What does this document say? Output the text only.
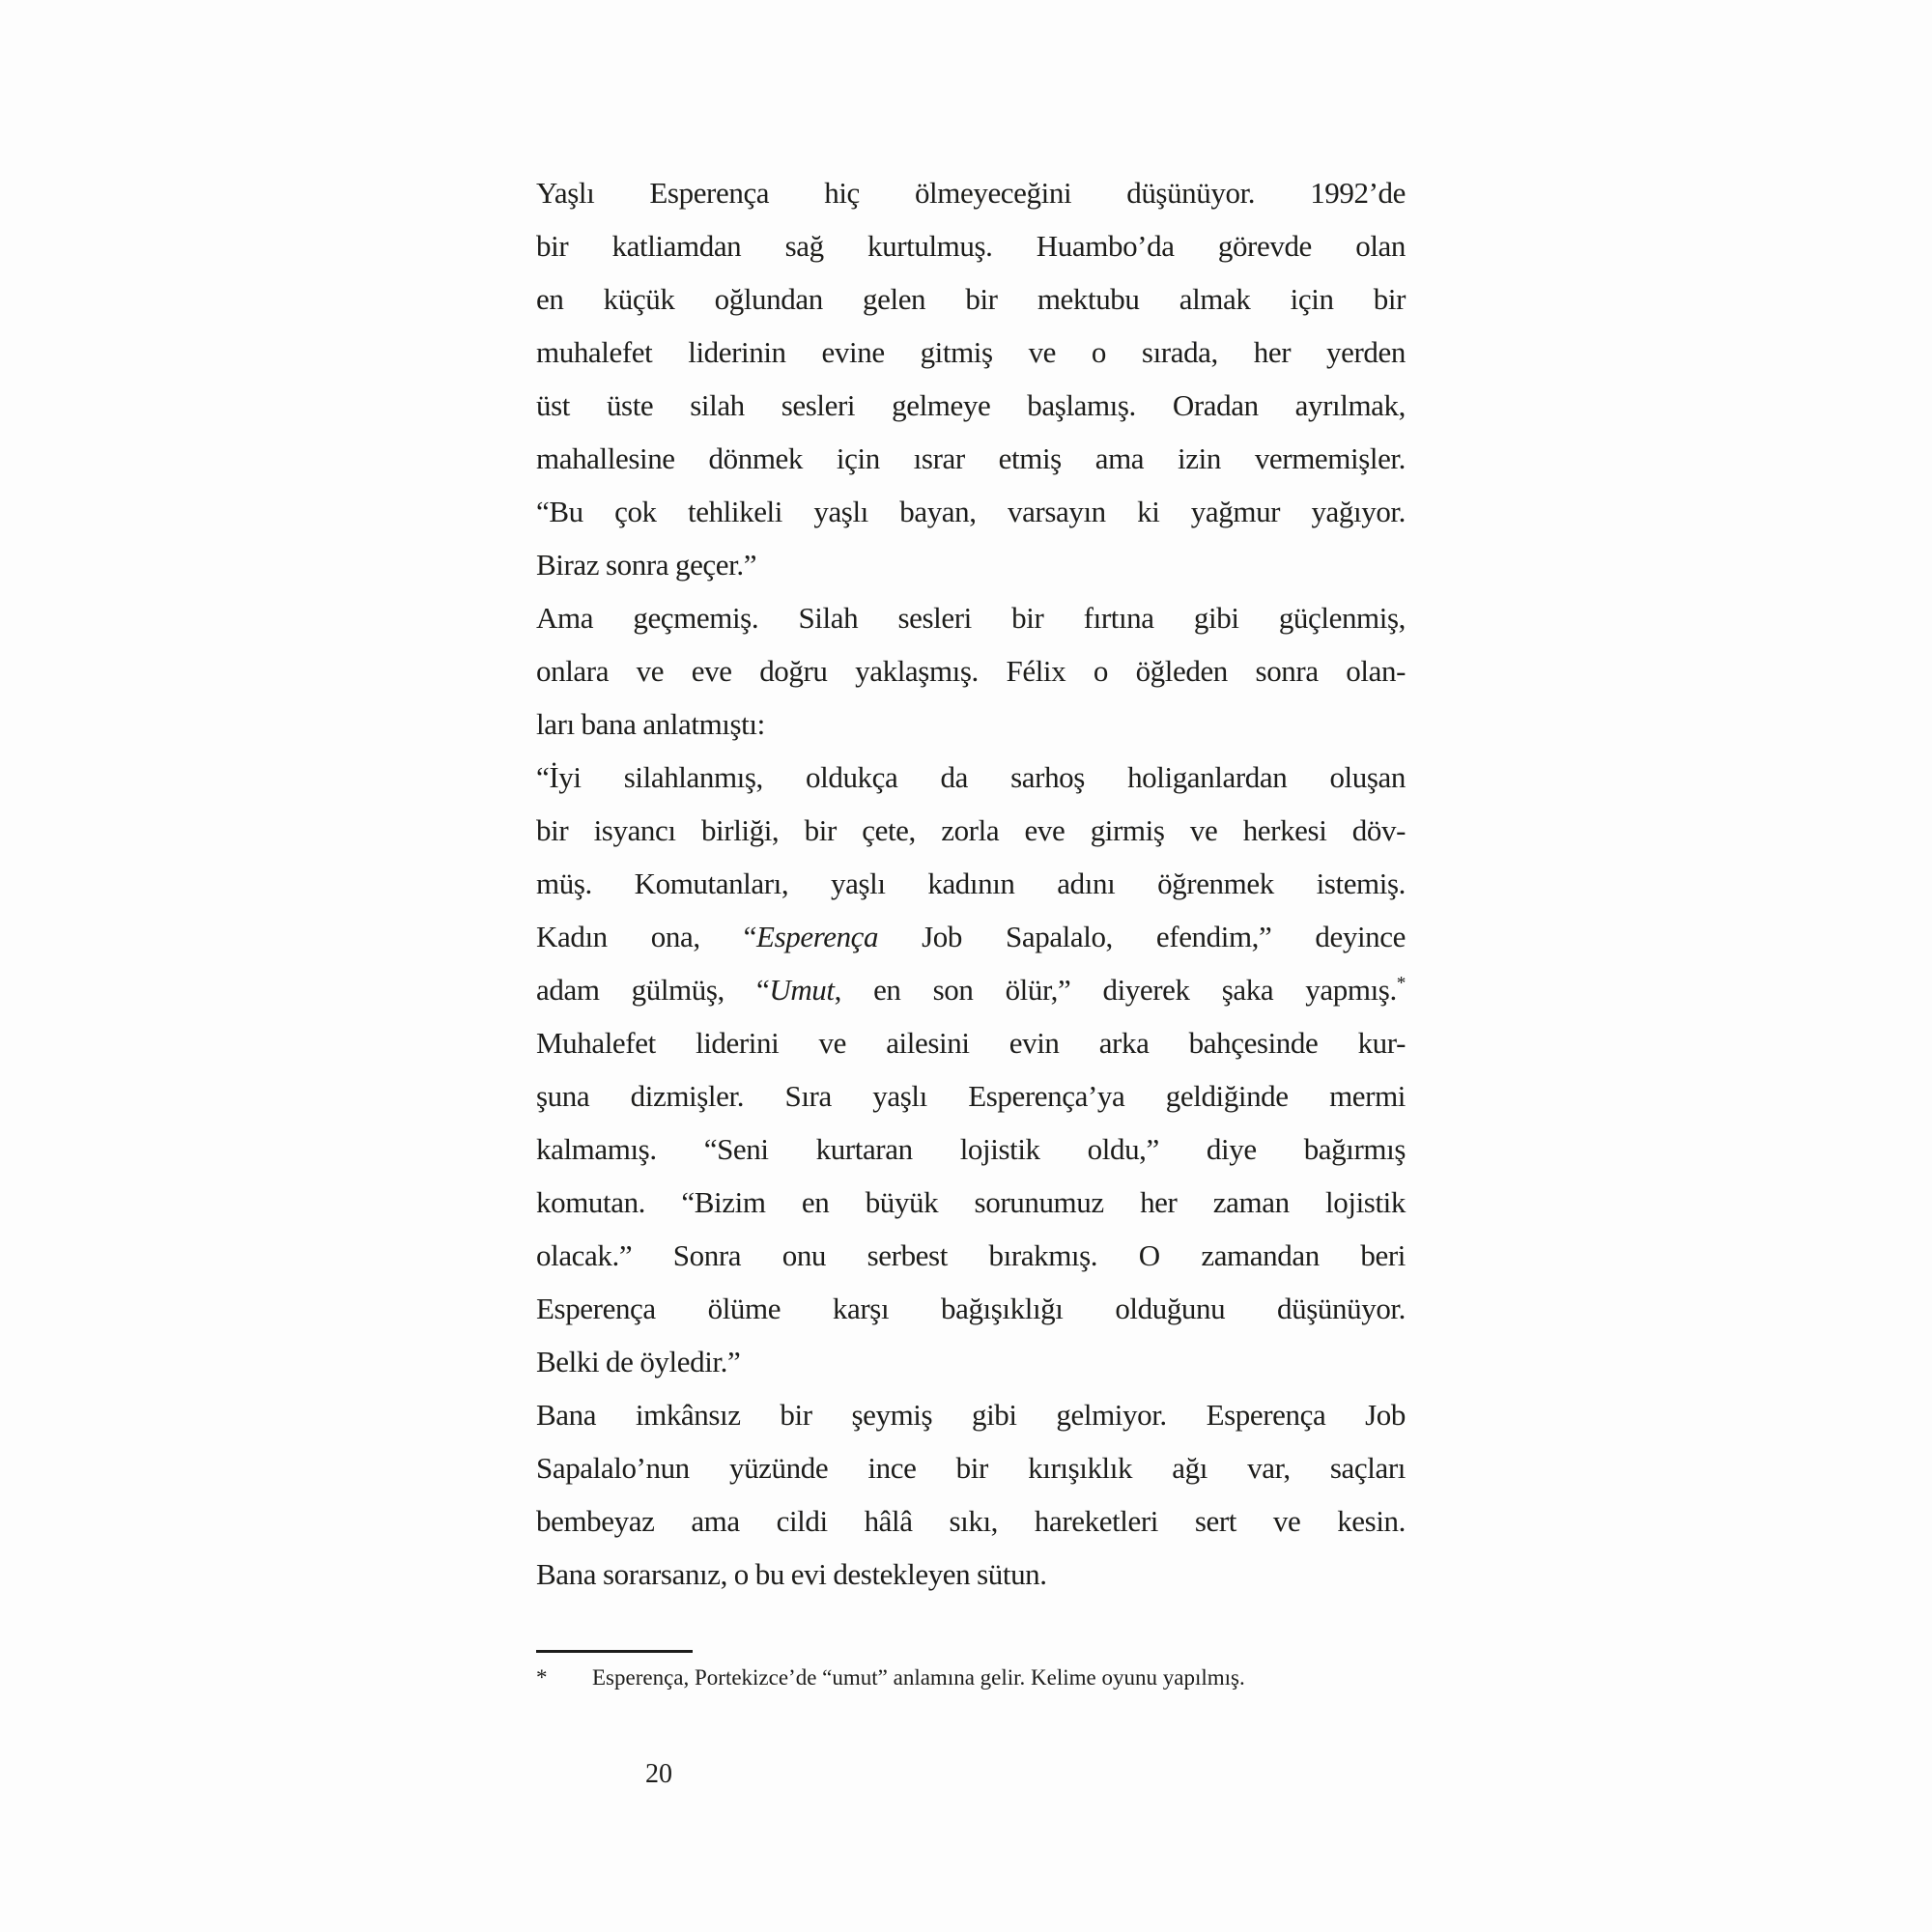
Yaşlı Esperença hiç ölmeyeceğini düşünüyor. 1992’de
bir katliamdan sağ kurtulmuş. Huambo’da görevde olan
en küçük oğlundan gelen bir mektubu almak için bir
muhalefet liderinin evine gitmiş ve o sırada, her yerden
üst üste silah sesleri gelmeye başlamış. Oradan ayrılmak,
mahallesine dönmek için ısrar etmiş ama izin vermemişler.
“Bu çok tehlikeli yaşlı bayan, varsayın ki yağmur yağıyor.
Biraz sonra geçer.”
Ama geçmemiş. Silah sesleri bir fırtına gibi güçlenmiş,
onlara ve eve doğru yaklaşmış. Félix o öğleden sonra olan-
ları bana anlatmıştı:
“İyi silahlanmış, oldukça da sarhoş holiganlardan oluşan
bir isyancı birliği, bir çete, zorla eve girmiş ve herkesi döv-
müş. Komutanları, yaşlı kadının adını öğrenmek istemiş.
Kadın ona, “Esperença Job Sapalalo, efendim,” deyince
adam gülmüş, “Umut, en son ölür,” diyerek şaka yapmış.*
Muhalefet liderini ve ailesini evin arka bahçesinde kur-
şuna dizmişler. Sıra yaşlı Esperença’ya geldiğinde mermi
kalmamış. “Seni kurtaran lojistik oldu,” diye bağırmış
komutan. “Bizim en büyük sorunumuz her zaman lojistik
olacak.” Sonra onu serbest bırakmış. O zamandan beri
Esperença ölüme karşı bağışıklığı olduğunu düşünüyor.
Belki de öyledir.”
Bana imkânsız bir şeymiş gibi gelmiyor. Esperença Job
Sapalalo’nun yüzünde ince bir kırışıklık ağı var, saçları
bembeyaz ama cildi hâlâ sıkı, hareketleri sert ve kesin.
Bana sorarsanız, o bu evi destekleyen sütun.
*	Esperença, Portekizce’de “umut” anlamına gelir. Kelime oyunu yapılmış.
20
